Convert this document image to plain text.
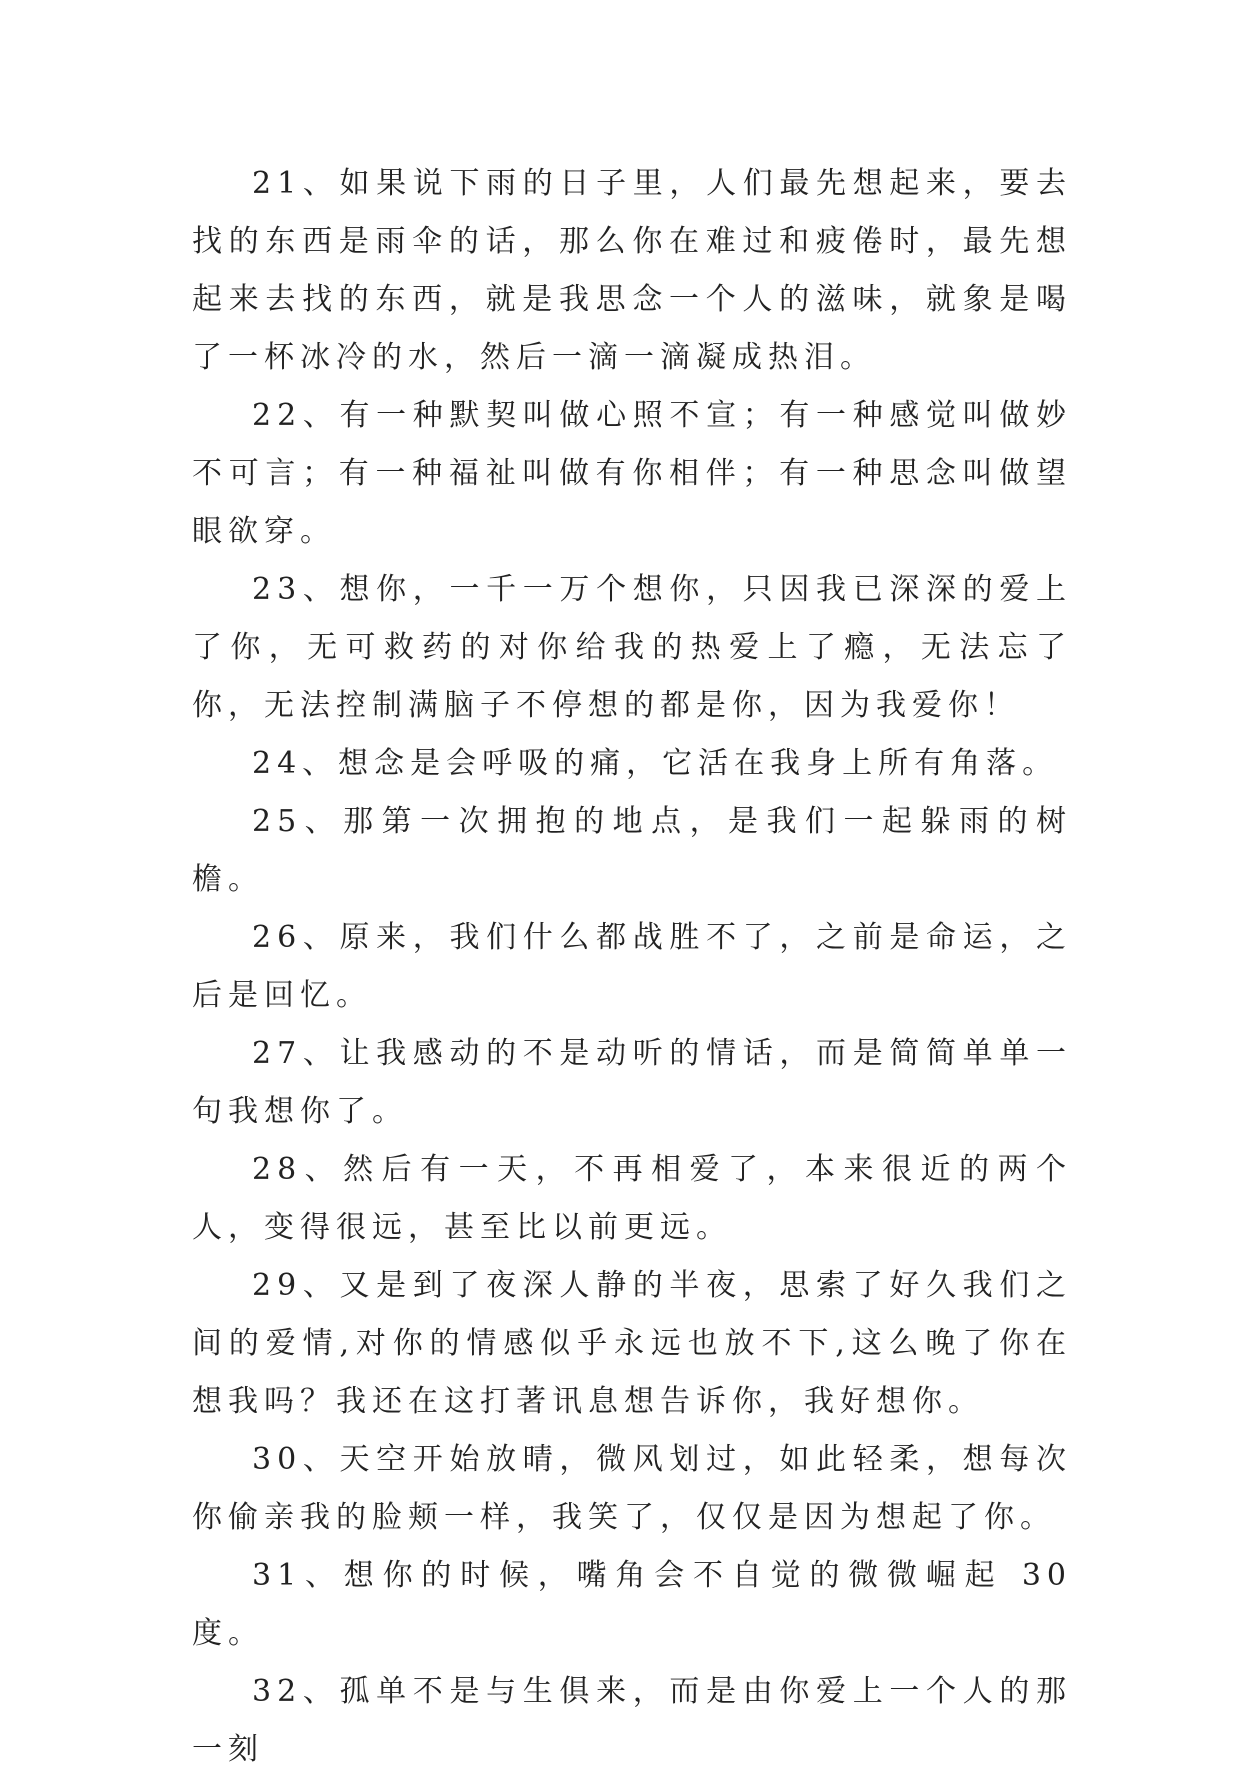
21、如果说下雨的日子里，人们最先想起来，要去找的东西是雨伞的话，那么你在难过和疲倦时，最先想起来去找的东西，就是我思念一个人的滋味，就象是喝了一杯冰冷的水，然后一滴一滴凝成热泪。

22、有一种默契叫做心照不宣；有一种感觉叫做妙不可言；有一种福祉叫做有你相伴；有一种思念叫做望眼欲穿。

23、想你，一千一万个想你，只因我已深深的爱上了你，无可救药的对你给我的热爱上了瘾，无法忘了你，无法控制满脑子不停想的都是你，因为我爱你！

24、想念是会呼吸的痛，它活在我身上所有角落。

25、那第一次拥抱的地点，是我们一起躲雨的树檐。

26、原来，我们什么都战胜不了，之前是命运，之后是回忆。

27、让我感动的不是动听的情话，而是简简单单一句我想你了。

28、然后有一天，不再相爱了，本来很近的两个人，变得很远，甚至比以前更远。

29、又是到了夜深人静的半夜，思索了好久我们之间的爱情,对你的情感似乎永远也放不下,这么晚了你在想我吗？我还在这打著讯息想告诉你，我好想你。

30、天空开始放晴，微风划过，如此轻柔，想每次你偷亲我的脸颊一样，我笑了，仅仅是因为想起了你。

31、想你的时候，嘴角会不自觉的微微崛起 30 度。

32、孤单不是与生俱来，而是由你爱上一个人的那一刻
